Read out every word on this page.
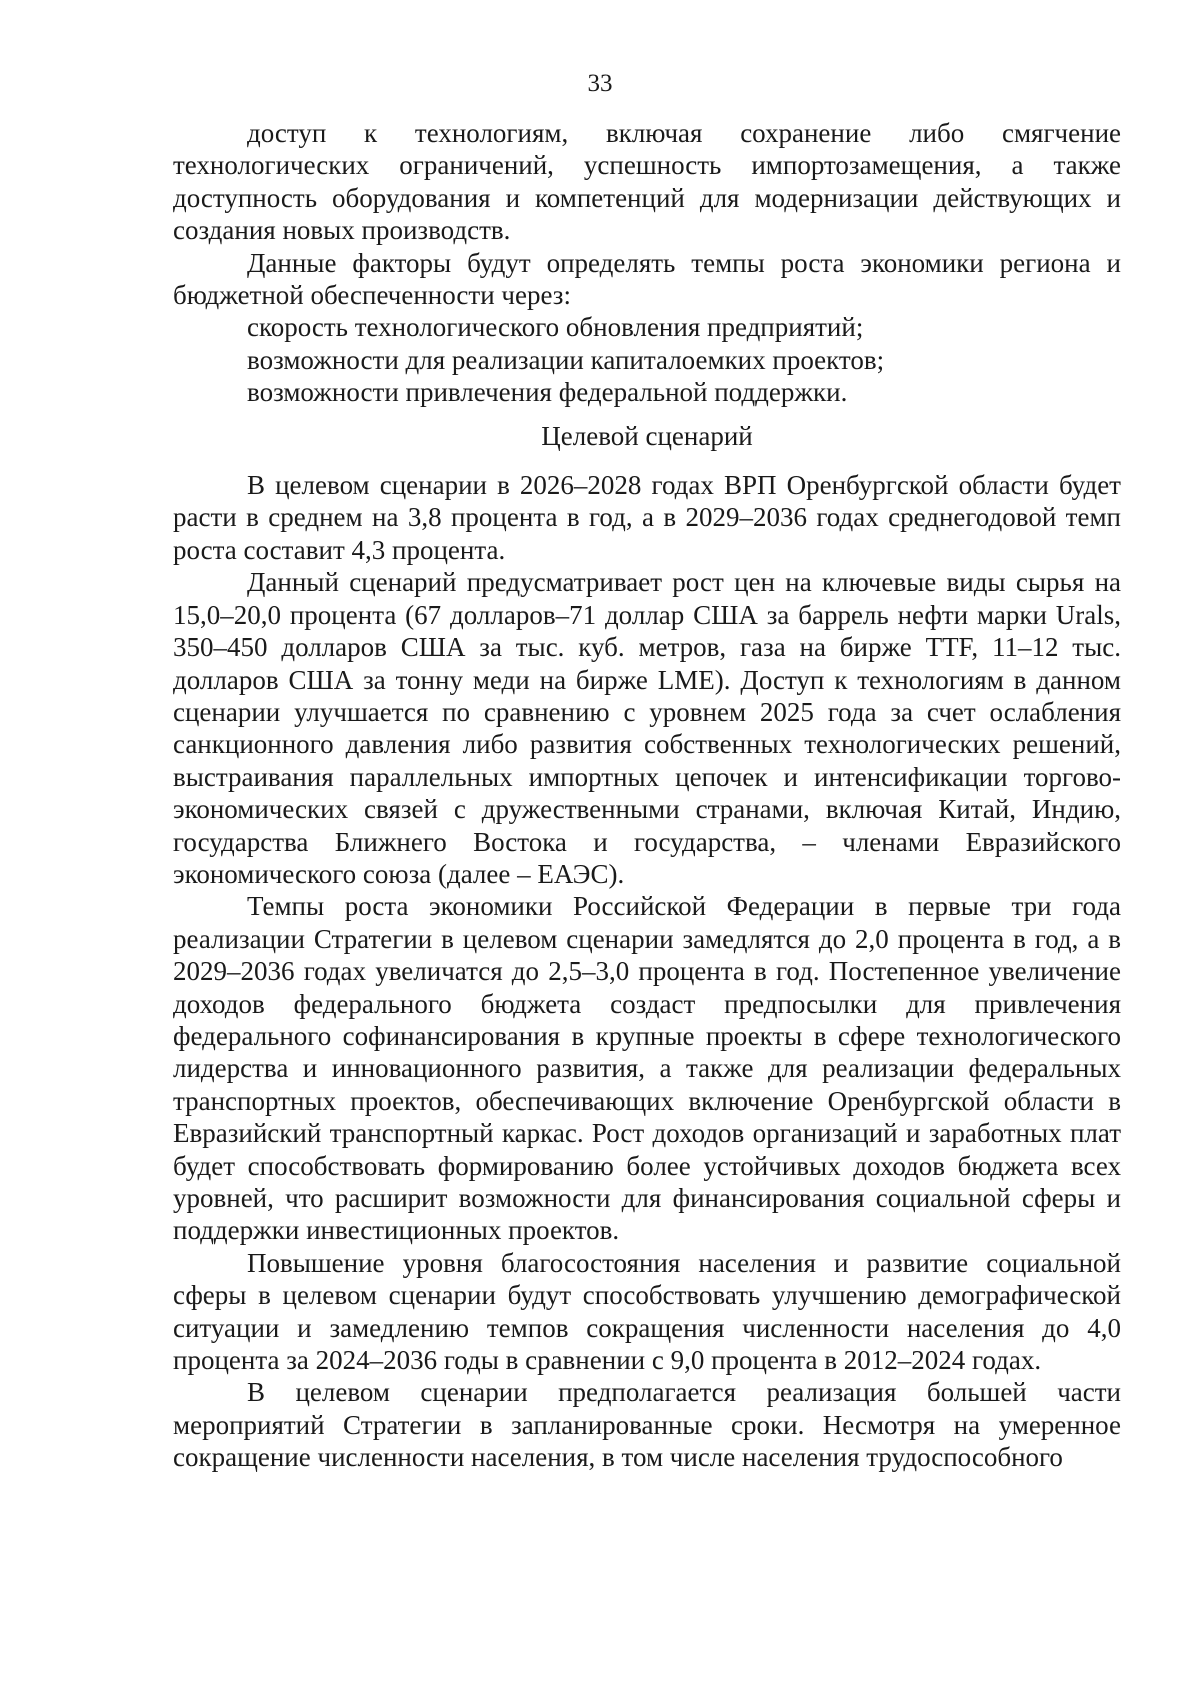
33

доступ к технологиям, включая сохранение либо смягчение технологических ограничений, успешность импортозамещения, а также доступность оборудования и компетенций для модернизации действующих и создания новых производств.

Данные факторы будут определять темпы роста экономики региона и бюджетной обеспеченности через:

скорость технологического обновления предприятий;

возможности для реализации капиталоемких проектов;

возможности привлечения федеральной поддержки.

Целевой сценарий

В целевом сценарии в 2026–2028 годах ВРП Оренбургской области будет расти в среднем на 3,8 процента в год, а в 2029–2036 годах среднегодовой темп роста составит 4,3 процента.

Данный сценарий предусматривает рост цен на ключевые виды сырья на 15,0–20,0 процента (67 долларов–71 доллар США за баррель нефти марки Urals, 350–450 долларов США за тыс. куб. метров, газа на бирже TTF, 11–12 тыс. долларов США за тонну меди на бирже LME). Доступ к технологиям в данном сценарии улучшается по сравнению с уровнем 2025 года за счет ослабления санкционного давления либо развития собственных технологических решений, выстраивания параллельных импортных цепочек и интенсификации торгово-экономических связей с дружественными странами, включая Китай, Индию, государства Ближнего Востока и государства, – членами Евразийского экономического союза (далее – ЕАЭС).

Темпы роста экономики Российской Федерации в первые три года реализации Стратегии в целевом сценарии замедлятся до 2,0 процента в год, а в 2029–2036 годах увеличатся до 2,5–3,0 процента в год. Постепенное увеличение доходов федерального бюджета создаст предпосылки для привлечения федерального софинансирования в крупные проекты в сфере технологического лидерства и инновационного развития, а также для реализации федеральных транспортных проектов, обеспечивающих включение Оренбургской области в Евразийский транспортный каркас. Рост доходов организаций и заработных плат будет способствовать формированию более устойчивых доходов бюджета всех уровней, что расширит возможности для финансирования социальной сферы и поддержки инвестиционных проектов.

Повышение уровня благосостояния населения и развитие социальной сферы в целевом сценарии будут способствовать улучшению демографической ситуации и замедлению темпов сокращения численности населения до 4,0 процента за 2024–2036 годы в сравнении с 9,0 процента в 2012–2024 годах.

В целевом сценарии предполагается реализация большей части мероприятий Стратегии в запланированные сроки. Несмотря на умеренное сокращение численности населения, в том числе населения трудоспособного
